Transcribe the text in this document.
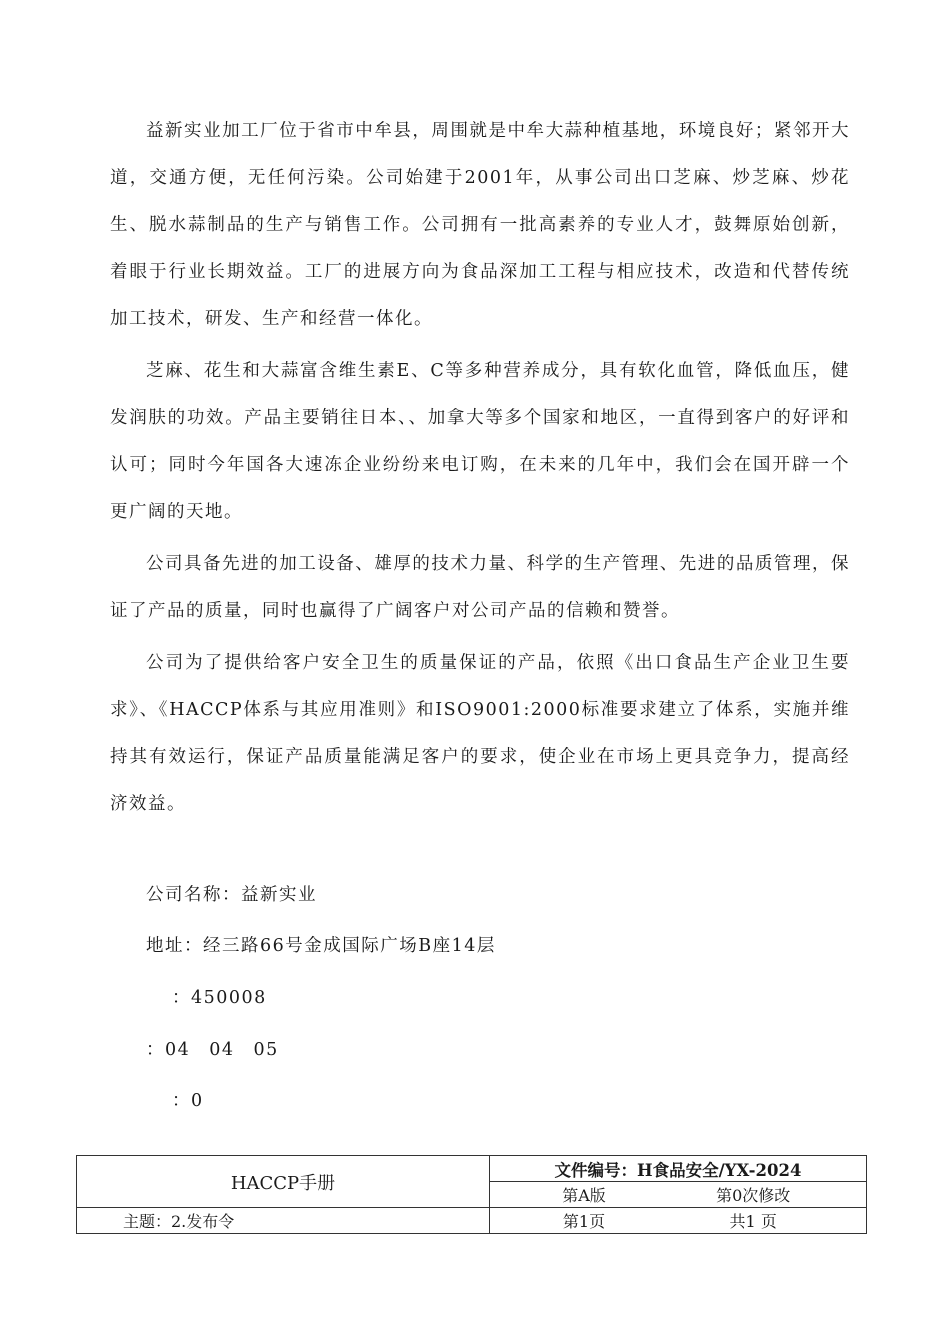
益新实业加工厂位于省市中牟县，周围就是中牟大蒜种植基地，环境良好；紧邻开大道，交通方便，无任何污染。公司始建于2001年，从事公司出口芝麻、炒芝麻、炒花生、脱水蒜制品的生产与销售工作。公司拥有一批高素养的专业人才，鼓舞原始创新，着眼于行业长期效益。工厂的进展方向为食品深加工工程与相应技术，改造和代替传统加工技术，研发、生产和经营一体化。

芝麻、花生和大蒜富含维生素E、C等多种营养成分，具有软化血管，降低血压，健发润肤的功效。产品主要销往日本、、加拿大等多个国家和地区，一直得到客户的好评和认可；同时今年国各大速冻企业纷纷来电订购，在未来的几年中，我们会在国开辟一个更广阔的天地。

公司具备先进的加工设备、雄厚的技术力量、科学的生产管理、先进的品质管理，保证了产品的质量，同时也赢得了广阔客户对公司产品的信赖和赞誉。

公司为了提供给客户安全卫生的质量保证的产品，依照《出口食品生产企业卫生要求》、《HACCP体系与其应用准则》和ISO9001:2000标准要求建立了体系，实施并维持其有效运行，保证产品质量能满足客户的要求，使企业在市场上更具竞争力，提高经济效益。

公司名称：益新实业
地址：经三路66号金成国际广场B座14层
：450008
：04　04　05
：0
HACCP手册	文件编号：H食品安全/YX-2024
	第A版 第0次修改
主题：2.发布令	第1页 共1 页
